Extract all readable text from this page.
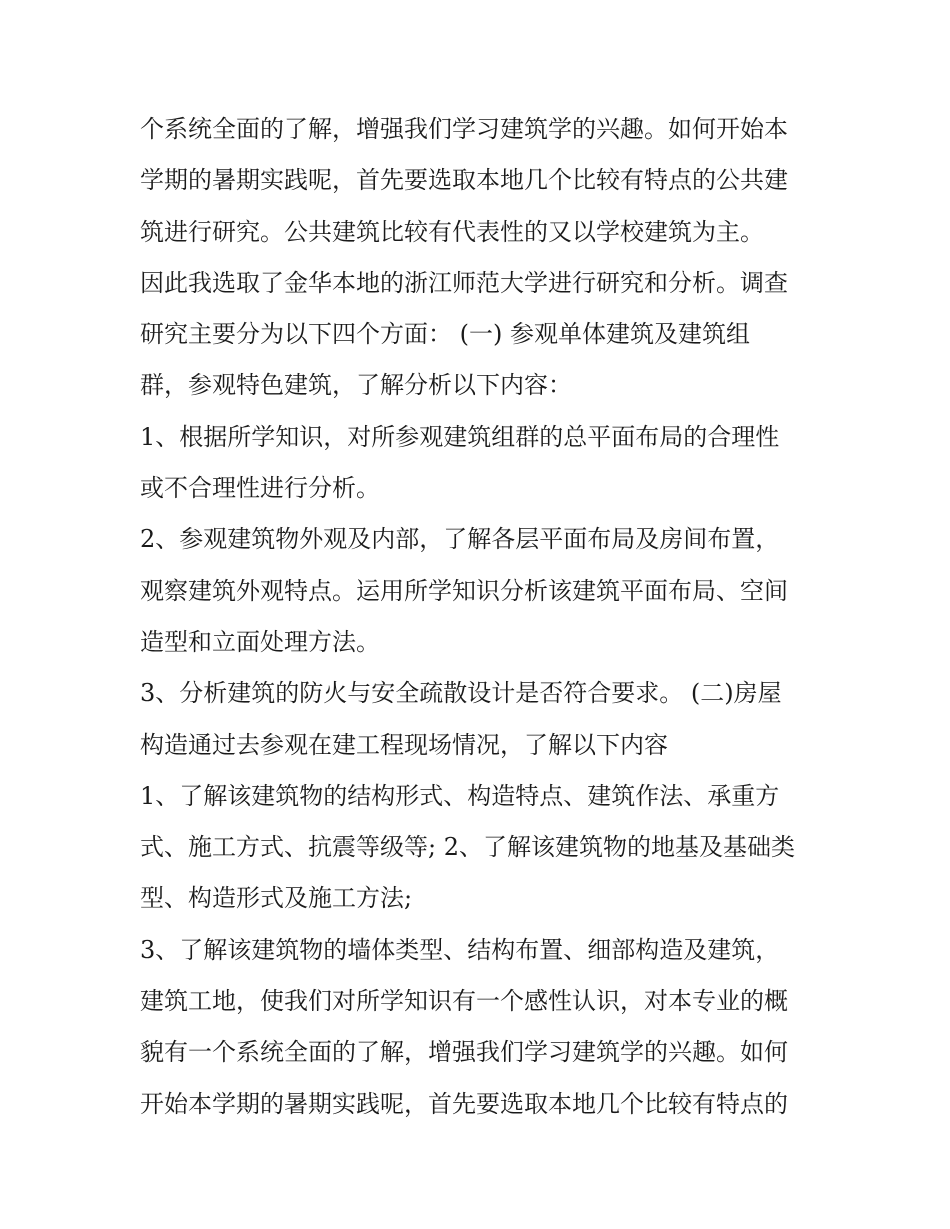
个系统全面的了解，增强我们学习建筑学的兴趣。如何开始本
学期的暑期实践呢，首先要选取本地几个比较有特点的公共建
筑进行研究。公共建筑比较有代表性的又以学校建筑为主。
因此我选取了金华本地的浙江师范大学进行研究和分析。调查
研究主要分为以下四个方面： (一) 参观单体建筑及建筑组
群，参观特色建筑，了解分析以下内容：
1、根据所学知识，对所参观建筑组群的总平面布局的合理性
或不合理性进行分析。
2、参观建筑物外观及内部，了解各层平面布局及房间布置，
观察建筑外观特点。运用所学知识分析该建筑平面布局、空间
造型和立面处理方法。
3、分析建筑的防火与安全疏散设计是否符合要求。 (二)房屋
构造通过去参观在建工程现场情况，了解以下内容
1、了解该建筑物的结构形式、构造特点、建筑作法、承重方
式、施工方式、抗震等级等; 2、了解该建筑物的地基及基础类
型、构造形式及施工方法;
3、了解该建筑物的墙体类型、结构布置、细部构造及建筑，
建筑工地，使我们对所学知识有一个感性认识，对本专业的概
貌有一个系统全面的了解，增强我们学习建筑学的兴趣。如何
开始本学期的暑期实践呢，首先要选取本地几个比较有特点的
